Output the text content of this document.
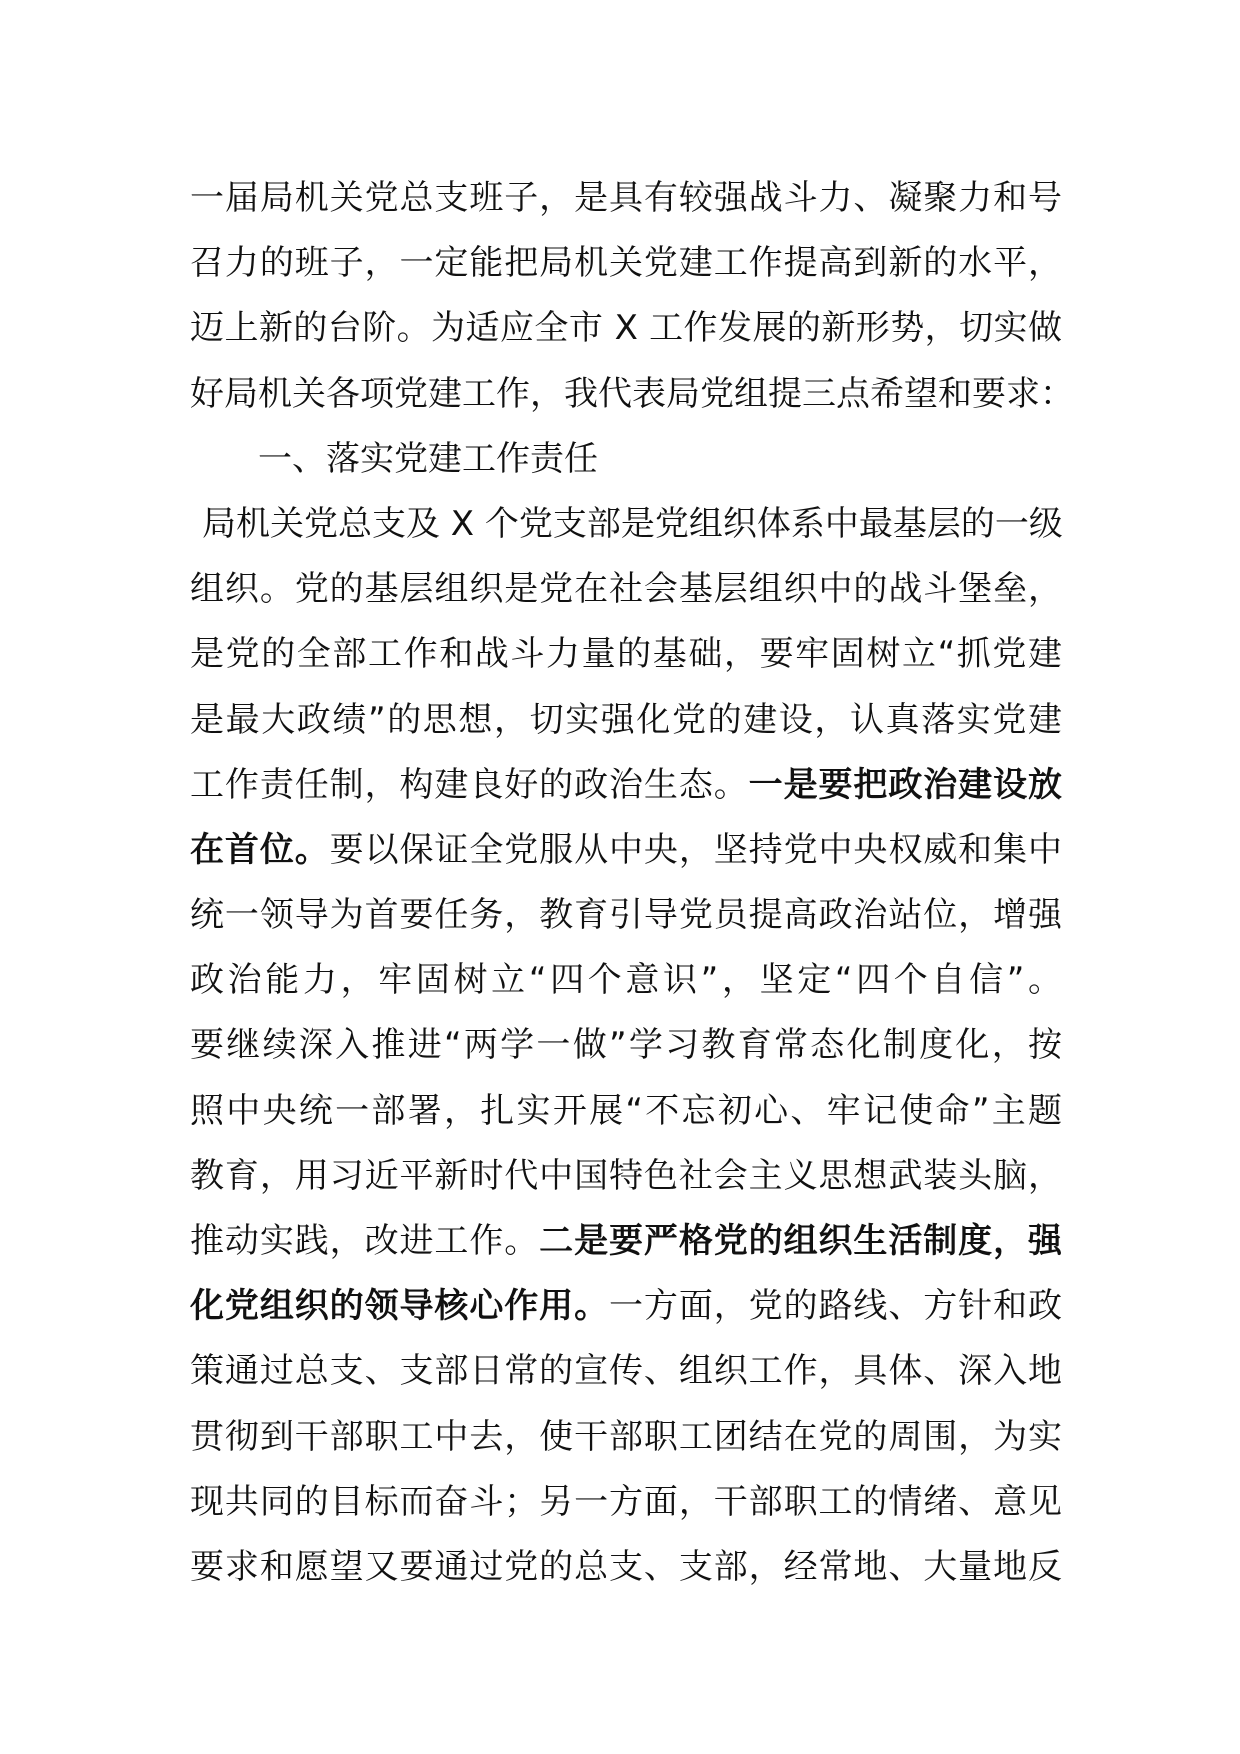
一届局机关党总支班子，是具有较强战斗力、凝聚力和号
召力的班子，一定能把局机关党建工作提高到新的水平，
迈上新的台阶。为适应全市 X 工作发展的新形势，切实做
好局机关各项党建工作，我代表局党组提三点希望和要求：
一、落实党建工作责任
局机关党总支及 X 个党支部是党组织体系中最基层的一级
组织。党的基层组织是党在社会基层组织中的战斗堡垒，
是党的全部工作和战斗力量的基础，要牢固树立“抓党建
是最大政绩”的思想，切实强化党的建设，认真落实党建
工作责任制，构建良好的政治生态。一是要把政治建设放
在首位。要以保证全党服从中央，坚持党中央权威和集中
统一领导为首要任务，教育引导党员提高政治站位，增强
政治能力，牢固树立“四个意识”，坚定“四个自信”。
要继续深入推进“两学一做”学习教育常态化制度化，按
照中央统一部署，扎实开展“不忘初心、牢记使命”主题
教育，用习近平新时代中国特色社会主义思想武装头脑，
推动实践，改进工作。二是要严格党的组织生活制度，强
化党组织的领导核心作用。一方面，党的路线、方针和政
策通过总支、支部日常的宣传、组织工作，具体、深入地
贯彻到干部职工中去，使干部职工团结在党的周围，为实
现共同的目标而奋斗；另一方面，干部职工的情绪、意见
要求和愿望又要通过党的总支、支部，经常地、大量地反
